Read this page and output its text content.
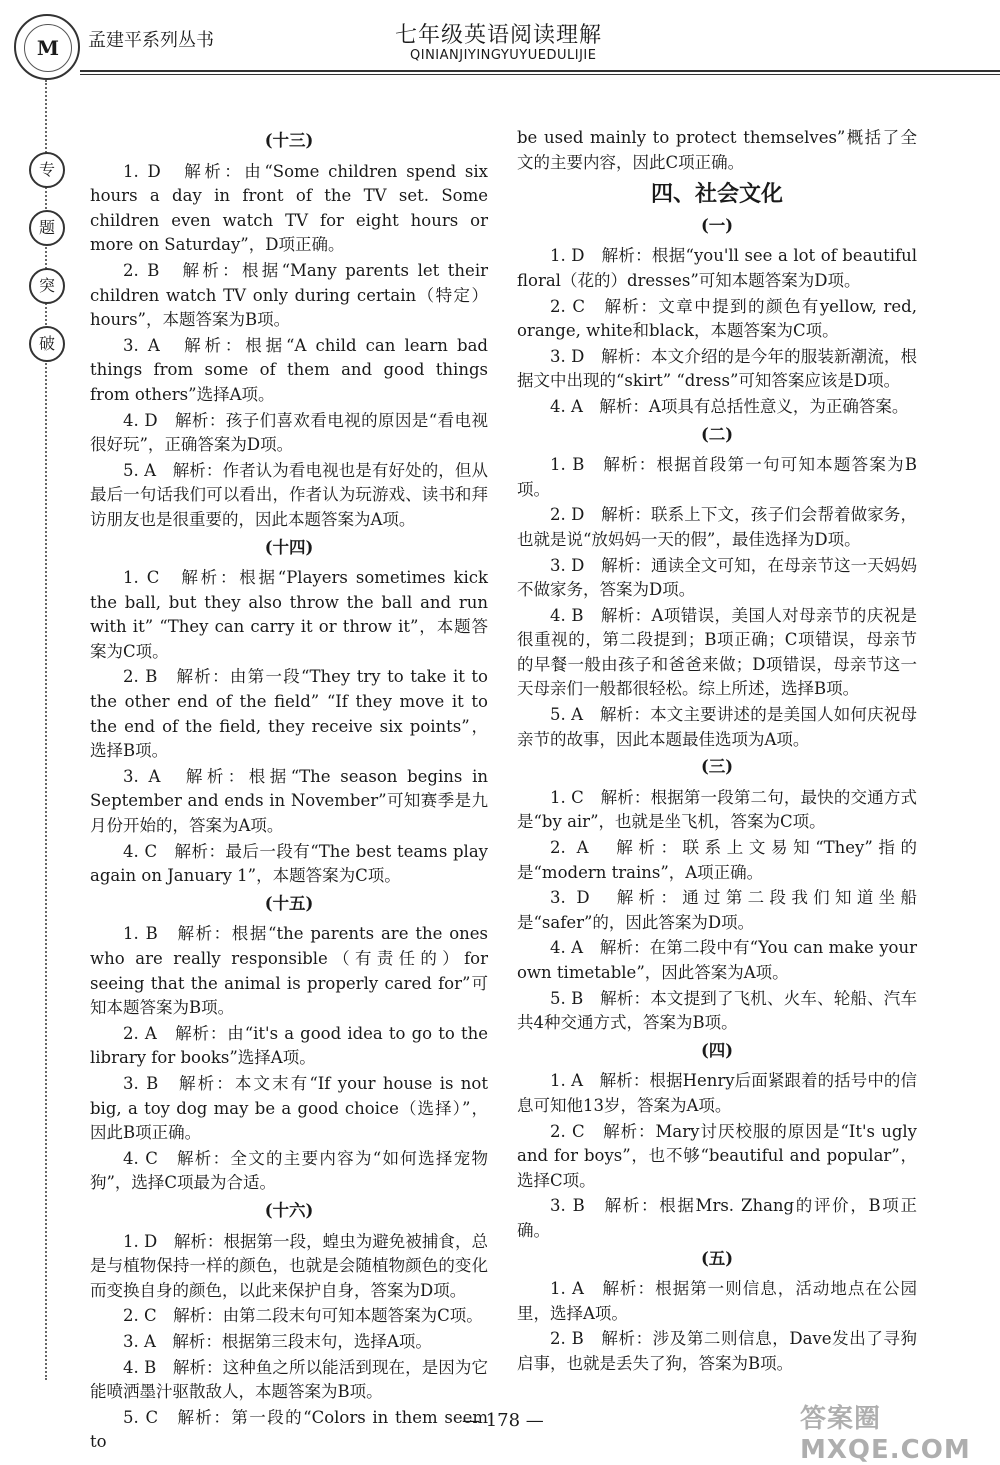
M	孟建平系列丛书	七年级英语阅读理解
QINIANJIYINGYUYUEDULIJIE
专
题
突
破
(十三)
1. D　解析：由“Some children spend six hours a day in front of the TV set. Some children even watch TV for eight hours or more on Saturday”，D项正确。
2. B　解析：根据“Many parents let their children watch TV only during certain（特定）hours”，本题答案为B项。
3. A　解析：根据“A child can learn bad things from some of them and good things from others”选择A项。
4. D　解析：孩子们喜欢看电视的原因是“看电视很好玩”，正确答案为D项。
5. A　解析：作者认为看电视也是有好处的，但从最后一句话我们可以看出，作者认为玩游戏、读书和拜访朋友也是很重要的，因此本题答案为A项。
(十四)
1. C　解析：根据“Players sometimes kick the ball, but they also throw the ball and run with it” “They can carry it or throw it”，本题答案为C项。
2. B　解析：由第一段“They try to take it to the other end of the field” “If they move it to the end of the field, they receive six points”，选择B项。
3. A　解析：根据“The season begins in September and ends in November”可知赛季是九月份开始的，答案为A项。
4. C　解析：最后一段有“The best teams play again on January 1”，本题答案为C项。
(十五)
1. B　解析：根据“the parents are the ones who are really responsible（有责任的）for seeing that the animal is properly cared for”可知本题答案为B项。
2. A　解析：由“it's a good idea to go to the library for books”选择A项。
3. B　解析：本文末有“If your house is not big, a toy dog may be a good choice（选择）”，因此B项正确。
4. C　解析：全文的主要内容为“如何选择宠物狗”，选择C项最为合适。
(十六)
1. D　解析：根据第一段，蝗虫为避免被捕食，总是与植物保持一样的颜色，也就是会随植物颜色的变化而变换自身的颜色，以此来保护自身，答案为D项。
2. C　解析：由第二段末句可知本题答案为C项。
3. A　解析：根据第三段末句，选择A项。
4. B　解析：这种鱼之所以能活到现在，是因为它能喷洒墨汁驱散敌人，本题答案为B项。
5. C　解析：第一段的“Colors in them seem to
be used mainly to protect themselves”概括了全文的主要内容，因此C项正确。
四、社会文化
(一)
1. D　解析：根据“you'll see a lot of beautiful floral（花的）dresses”可知本题答案为D项。
2. C　解析：文章中提到的颜色有yellow, red, orange, white和black，本题答案为C项。
3. D　解析：本文介绍的是今年的服装新潮流，根据文中出现的“skirt” “dress”可知答案应该是D项。
4. A　解析：A项具有总括性意义，为正确答案。
(二)
1. B　解析：根据首段第一句可知本题答案为B项。
2. D　解析：联系上下文，孩子们会帮着做家务，也就是说“放妈妈一天的假”，最佳选择为D项。
3. D　解析：通读全文可知，在母亲节这一天妈妈不做家务，答案为D项。
4. B　解析：A项错误，美国人对母亲节的庆祝是很重视的，第二段提到；B项正确；C项错误，母亲节的早餐一般由孩子和爸爸来做；D项错误，母亲节这一天母亲们一般都很轻松。综上所述，选择B项。
5. A　解析：本文主要讲述的是美国人如何庆祝母亲节的故事，因此本题最佳选项为A项。
(三)
1. C　解析：根据第一段第二句，最快的交通方式是“by air”，也就是坐飞机，答案为C项。
2. A　解析：联系上文易知“They”指的是“modern trains”，A项正确。
3. D　解析：通过第二段我们知道坐船是“safer”的，因此答案为D项。
4. A　解析：在第二段中有“You can make your own timetable”，因此答案为A项。
5. B　解析：本文提到了飞机、火车、轮船、汽车共4种交通方式，答案为B项。
(四)
1. A　解析：根据Henry后面紧跟着的括号中的信息可知他13岁，答案为A项。
2. C　解析：Mary讨厌校服的原因是“It's ugly and for boys”，也不够“beautiful and popular”，选择C项。
3. B　解析：根据Mrs. Zhang的评价，B项正确。
(五)
1. A　解析：根据第一则信息，活动地点在公园里，选择A项。
2. B　解析：涉及第二则信息，Dave发出了寻狗启事，也就是丢失了狗，答案为B项。
— 178 —	答案圈 MXQE.COM
